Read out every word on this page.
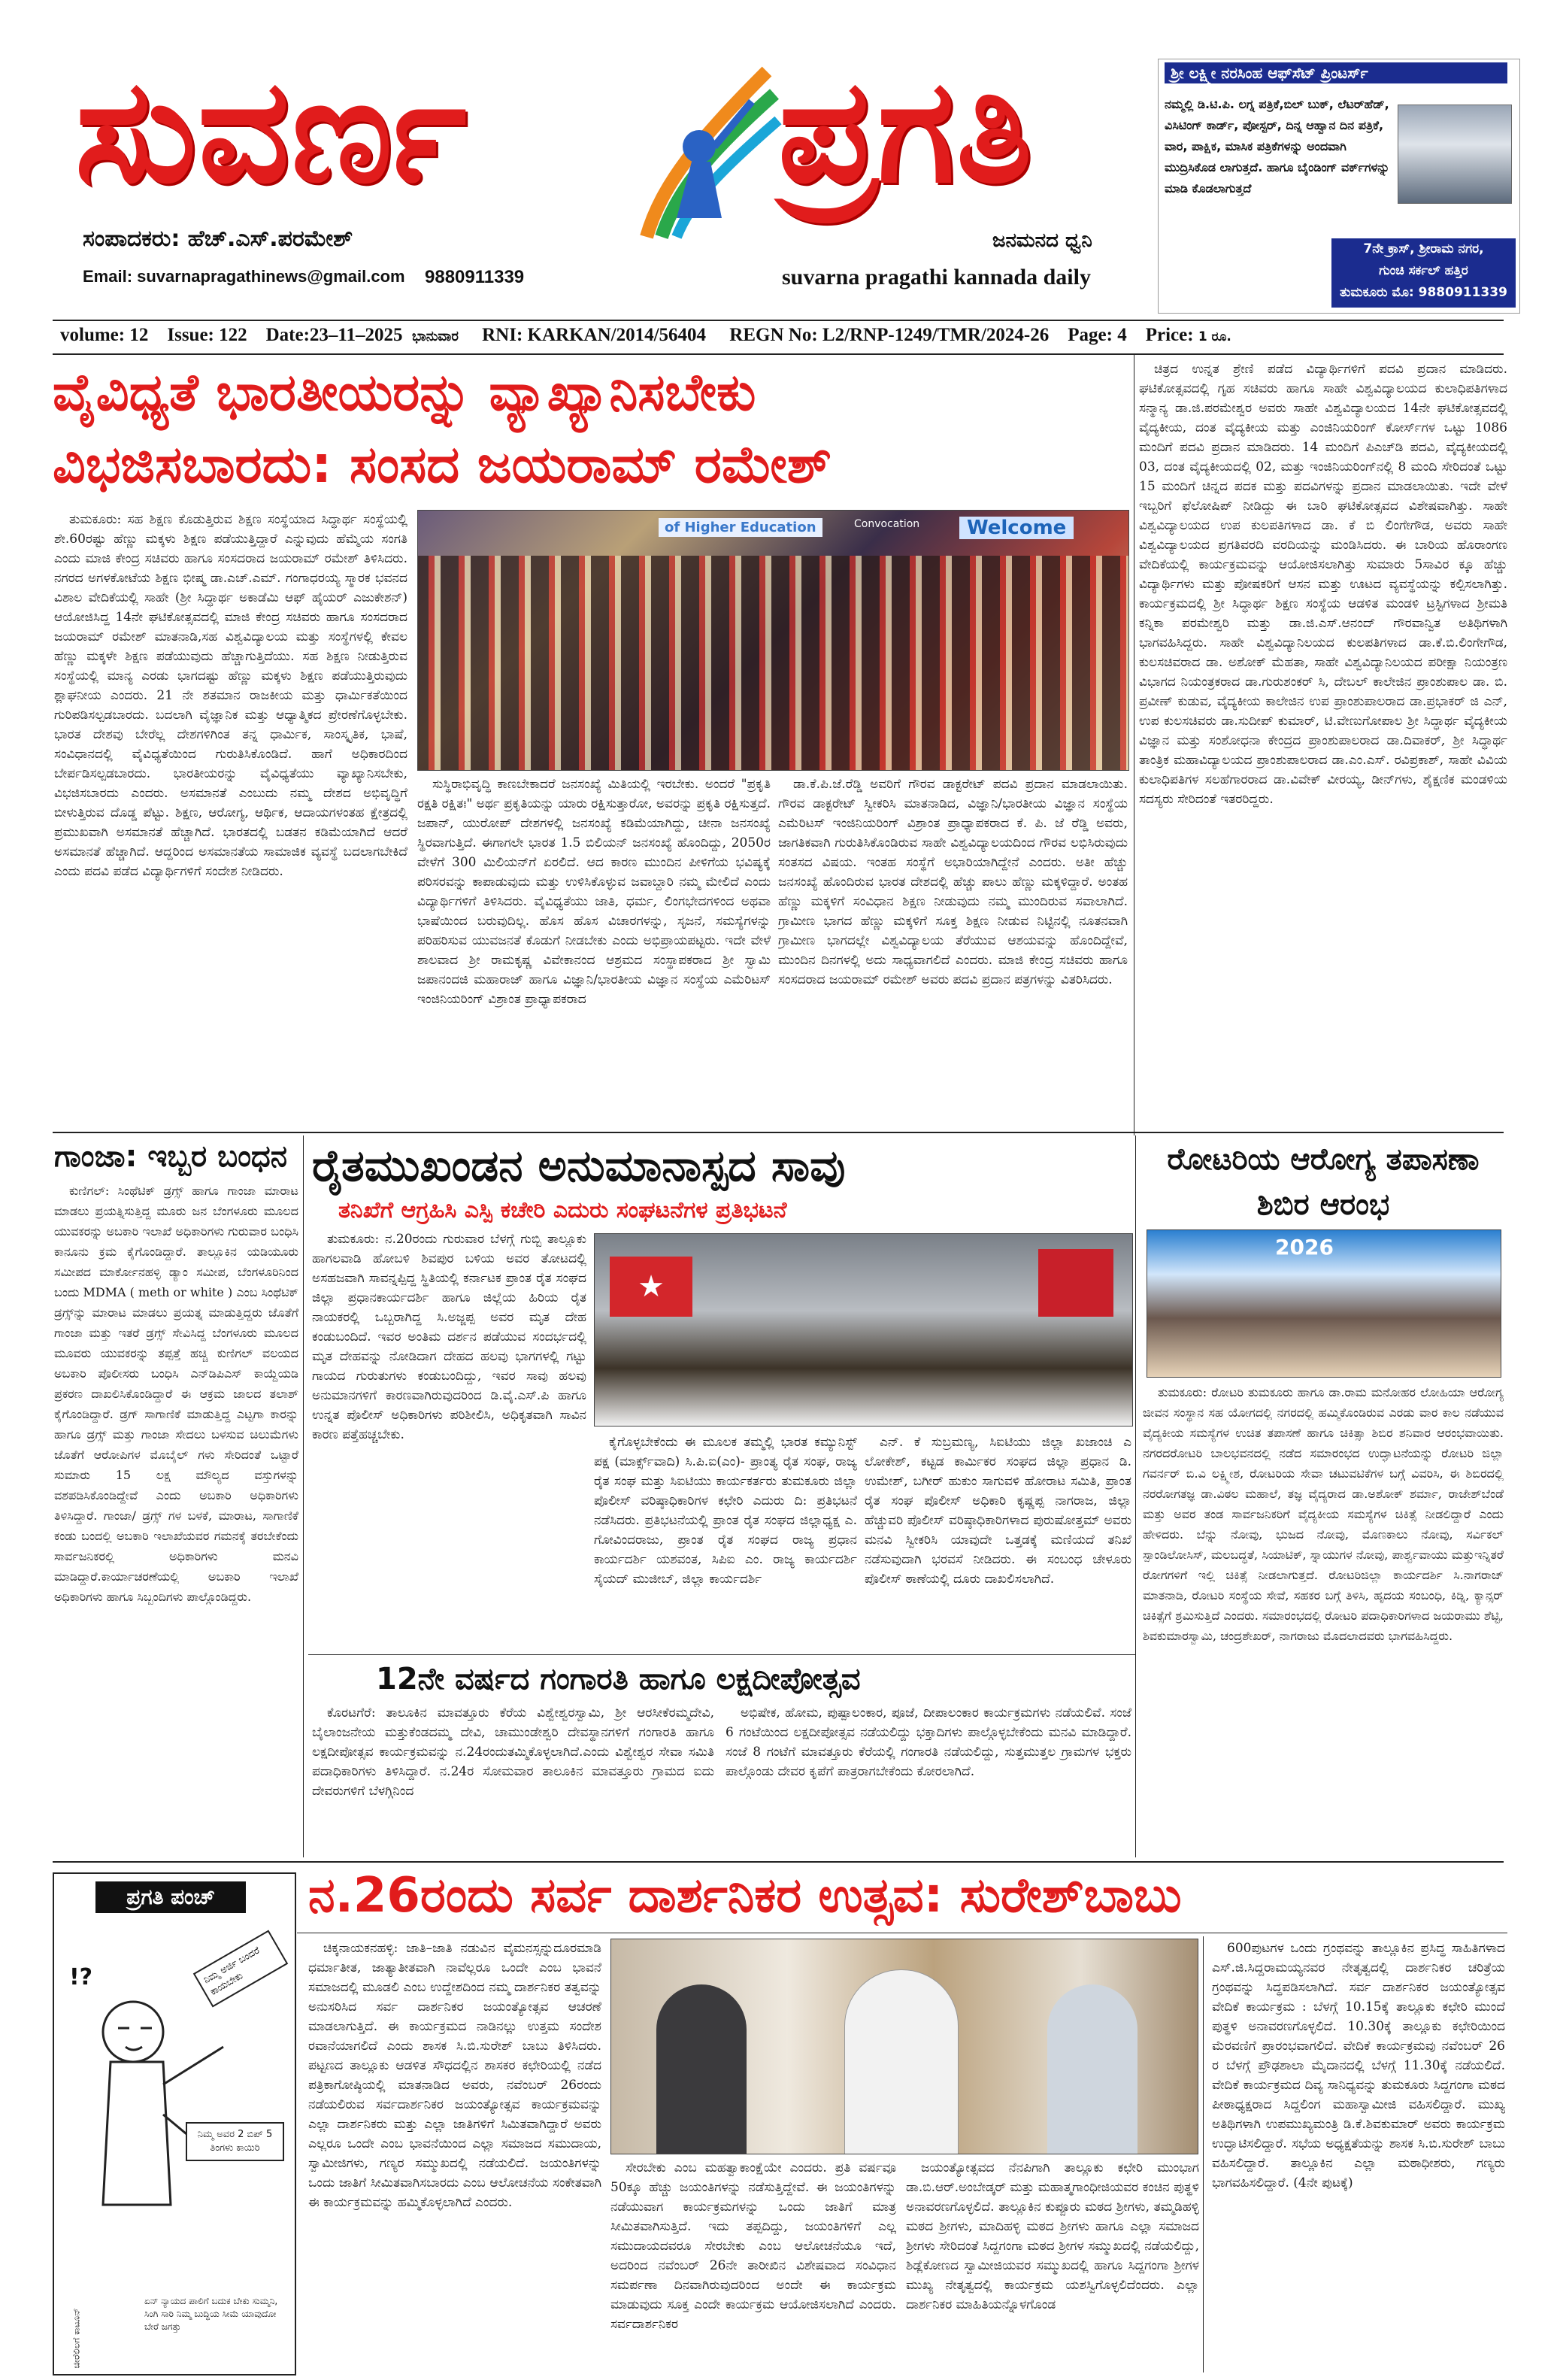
ಸುವರ್ಣ ಪ್ರಗತಿ
ಸಂಪಾದಕರು: ಹೆಚ್.ಎಸ್.ಪರಮೇಶ್
Email: suvarnapragathinews@gmail.com 9880911339
ಜನಮನದ ಧ್ವನಿ
suvarna pragathi kannada daily
ಶ್ರೀ ಲಕ್ಷ್ಮೀ ನರಸಿಂಹ ಆಫ್‌ಸೆಟ್ ಪ್ರಿಂಟರ್ಸ್
ನಮ್ಮಲ್ಲಿ ಡಿ.ಟಿ.ಪಿ. ಲಗ್ನ ಪತ್ರಿಕೆ,ಬಿಲ್ ಬುಕ್, ಲೆಟರ್‌ಹೆಡ್, ವಿಸಿಟಿಂಗ್ ಕಾರ್ಡ್, ಪೋಸ್ಟರ್, ದಿನ್ನ ಆಹ್ವಾನ ದಿನ ಪತ್ರಿಕೆ, ವಾರ, ಪಾಕ್ಷಿಕ, ಮಾಸಿಕ ಪತ್ರಿಕೆಗಳನ್ನು ಅಂದವಾಗಿ ಮುದ್ರಿಸಿಕೊಡ ಲಾಗುತ್ತದೆ. ಹಾಗೂ ಬೈಂಡಿಂಗ್ ವರ್ಕ್‌ಗಳನ್ನು ಮಾಡಿ ಕೊಡಲಾಗುತ್ತದೆ
7ನೇ ಕ್ರಾಸ್, ಶ್ರೀರಾಮ ನಗರ,
ಗುಂಚಿ ಸರ್ಕಲ್ ಹತ್ತಿರ
ತುಮಕೂರು ಮೊ: 9880911339
volume: 12 Issue: 122 Date:23–11–2025 ಭಾನುವಾರ RNI: KARKAN/2014/56404 REGN No: L2/RNP-1249/TMR/2024-26 Page: 4 Price: 1 ರೂ.
ವೈವಿಧ್ಯತೆ ಭಾರತೀಯರನ್ನು ವ್ಯಾಖ್ಯಾನಿಸಬೇಕು
ವಿಭಜಿಸಬಾರದು: ಸಂಸದ ಜಯರಾಮ್ ರಮೇಶ್

ತುಮಕೂರು: ಸಹ ಶಿಕ್ಷಣ ಕೊಡುತ್ತಿರುವ ಶಿಕ್ಷಣ ಸಂಸ್ಥೆಯಾದ ಸಿದ್ಧಾರ್ಥ ಸಂಸ್ಥೆಯಲ್ಲಿ ಶೇ.60ರಷ್ಟು ಹೆಣ್ಣು ಮಕ್ಕಳು ಶಿಕ್ಷಣ ಪಡೆಯುತ್ತಿದ್ದಾರೆ ಎನ್ನುವುದು ಹೆಮ್ಮೆಯ ಸಂಗತಿ ಎಂದು ಮಾಜಿ ಕೇಂದ್ರ ಸಚಿವರು ಹಾಗೂ ಸಂಸದರಾದ ಜಯರಾಮ್ ರಮೇಶ್ ತಿಳಿಸಿದರು. ನಗರದ ಅಗಳಕೋಟೆಯ ಶಿಕ್ಷಣ ಭೀಷ್ಮ ಡಾ.ಎಚ್.ಎಮ್. ಗಂಗಾಧರಯ್ಯ ಸ್ಮಾರಕ ಭವನದ ವಿಶಾಲ ವೇದಿಕೆಯಲ್ಲಿ ಸಾಹೇ (ಶ್ರೀ ಸಿದ್ಧಾರ್ಥ ಅಕಾಡೆಮಿ ಆಫ್ ಹೈಯರ್ ಎಜುಕೇಶನ್) ಆಯೋಜಿಸಿದ್ದ 14ನೇ ಘಟಿಕೋತ್ಸವದಲ್ಲಿ ಮಾಜಿ ಕೇಂದ್ರ ಸಚಿವರು ಹಾಗೂ ಸಂಸದರಾದ ಜಯರಾಮ್ ರಮೇಶ್ ಮಾತನಾಡಿ,ಸಹ ವಿಶ್ವವಿದ್ಯಾಲಯ ಮತ್ತು ಸಂಸ್ಥೆಗಳಲ್ಲಿ ಕೇವಲ ಹೆಣ್ಣು ಮಕ್ಕಳೇ ಶಿಕ್ಷಣ ಪಡೆಯುವುದು ಹೆಚ್ಚಾಗುತ್ತಿದೆಯು. ಸಹ ಶಿಕ್ಷಣ ನೀಡುತ್ತಿರುವ ಸಂಸ್ಥೆಯಲ್ಲಿ ಮಾನ್ಯ ಎರಡು ಭಾಗದಷ್ಟು ಹೆಣ್ಣು ಮಕ್ಕಳು ಶಿಕ್ಷಣ ಪಡೆಯುತ್ತಿರುವುದು ಶ್ಲಾಘನೀಯ ಎಂದರು. 21 ನೇ ಶತಮಾನ ರಾಜಕೀಯ ಮತ್ತು ಧಾರ್ಮಿಕತೆಯಿಂದ ಗುರಿಪಡಿಸಲ್ಪಡಬಾರದು. ಬದಲಾಗಿ ವೈಜ್ಞಾನಿಕ ಮತ್ತು ಆಧ್ಯಾತ್ಮಿಕದ ಪ್ರೇರಣೆಗೊಳ್ಳಬೇಕು. ಭಾರತ ದೇಶವು ಬೇರೆಲ್ಲ ದೇಶಗಳಿಗಿಂತ ತನ್ನ ಧಾರ್ಮಿಕ, ಸಾಂಸ್ಕೃತಿಕ, ಭಾಷೆ, ಸಂವಿಧಾನದಲ್ಲಿ ವೈವಿಧ್ಯತೆಯಿಂದ ಗುರುತಿಸಿಕೊಂಡಿದೆ. ಹಾಗೆ ಅಧಿಕಾರದಿಂದ ಬೇರ್ಪಡಿಸಲ್ಪಡಬಾರದು. ಭಾರತೀಯರನ್ನು ವೈವಿಧ್ಯತೆಯು ವ್ಯಾಖ್ಯಾನಿಸಬೇಕು, ವಿಭಜಿಸಬಾರದು ಎಂದರು. ಅಸಮಾನತೆ ಎಂಬುದು ನಮ್ಮ ದೇಶದ ಅಭಿವೃದ್ಧಿಗೆ ಬೀಳುತ್ತಿರುವ ದೊಡ್ಡ ಪೆಟ್ಟು. ಶಿಕ್ಷಣ, ಆರೋಗ್ಯ, ಆರ್ಥಿಕ, ಆದಾಯಗಳಂತಹ ಕ್ಷೇತ್ರದಲ್ಲಿ ಪ್ರಮುಖವಾಗಿ ಅಸಮಾನತೆ ಹೆಚ್ಚಾಗಿದೆ. ಭಾರತದಲ್ಲಿ ಬಡತನ ಕಡಿಮೆಯಾಗಿದೆ ಆದರೆ ಅಸಮಾನತೆ ಹೆಚ್ಚಾಗಿದೆ. ಆದ್ದರಿಂದ ಅಸಮಾನತೆಯ ಸಾಮಾಜಿಕ ವ್ಯವಸ್ಥೆ ಬದಲಾಗಬೇಕಿದೆ ಎಂದು ಪದವಿ ಪಡೆದ ವಿದ್ಯಾರ್ಥಿಗಳಿಗೆ ಸಂದೇಶ ನೀಡಿದರು.

of Higher Education	Convocation	Welcome

ಸುಸ್ಥಿರಾಭಿವೃದ್ಧಿ ಕಾಣಬೇಕಾದರೆ ಜನಸಂಖ್ಯೆ ಮಿತಿಯಲ್ಲಿ ಇರಬೇಕು. ಅಂದರೆ "ಪ್ರಕೃತಿ ರಕ್ಷತಿ ರಕ್ಷಿತಃ" ಅರ್ಥ ಪ್ರಕೃತಿಯನ್ನು ಯಾರು ರಕ್ಷಿಸುತ್ತಾರೋ, ಅವರನ್ನು ಪ್ರಕೃತಿ ರಕ್ಷಿಸುತ್ತದೆ. ಜಪಾನ್, ಯುರೋಪ್ ದೇಶಗಳಲ್ಲಿ ಜನಸಂಖ್ಯೆ ಕಡಿಮೆಯಾಗಿದ್ದು, ಚೀನಾ ಜನಸಂಖ್ಯೆ ಸ್ಥಿರವಾಗುತ್ತಿದೆ. ಈಗಾಗಲೇ ಭಾರತ 1.5 ಬಿಲಿಯನ್ ಜನಸಂಖ್ಯೆ ಹೊಂದಿದ್ದು, 2050ರ ವೇಳೆಗೆ 300 ಮಿಲಿಯನ್‌ಗೆ ಏರಲಿದೆ. ಆದ ಕಾರಣ ಮುಂದಿನ ಪೀಳಿಗೆಯ ಭವಿಷ್ಯಕ್ಕೆ ಪರಿಸರವನ್ನು ಕಾಪಾಡುವುದು ಮತ್ತು ಉಳಿಸಿಕೊಳ್ಳುವ ಜವಾಬ್ದಾರಿ ನಮ್ಮ ಮೇಲಿದೆ ಎಂದು ವಿದ್ಯಾರ್ಥಿಗಳಿಗೆ ತಿಳಿಸಿದರು. ವೈವಿಧ್ಯತೆಯು ಜಾತಿ, ಧರ್ಮ, ಲಿಂಗಭೇದಗಳಿಂದ ಅಥವಾ ಭಾಷೆಯಿಂದ ಬರುವುದಿಲ್ಲ. ಹೊಸ ಹೊಸ ವಿಚಾರಗಳನ್ನು, ಸೃಜನೆ, ಸಮಸ್ಯೆಗಳನ್ನು ಪರಿಹರಿಸುವ ಯುವಜನತೆ ಕೊಡುಗೆ ನೀಡಬೇಕು ಎಂದು ಅಭಿಪ್ರಾಯಪಟ್ಟರು. ಇದೇ ವೇಳೆ ಶಾಲವಾದ ಶ್ರೀ ರಾಮಕೃಷ್ಣ ವಿವೇಕಾನಂದ ಆಶ್ರಮದ ಸಂಸ್ಥಾಪಕರಾದ ಶ್ರೀ ಸ್ವಾಮಿ ಜಪಾನಂದಜಿ ಮಹಾರಾಜ್ ಹಾಗೂ ವಿಜ್ಞಾನಿ/ಭಾರತೀಯ ವಿಜ್ಞಾನ ಸಂಸ್ಥೆಯ ಎಮೆರಿಟಸ್ ಇಂಜಿನಿಯರಿಂಗ್ ವಿಶ್ರಾಂತ ಪ್ರಾಧ್ಯಾಪಕರಾದ

ಡಾ.ಕೆ.ಪಿ.ಜೆ.ರೆಡ್ಡಿ ಅವರಿಗೆ ಗೌರವ ಡಾಕ್ಟರೇಟ್ ಪದವಿ ಪ್ರದಾನ ಮಾಡಲಾಯಿತು. ಗೌರವ ಡಾಕ್ಟರೇಟ್ ಸ್ವೀಕರಿಸಿ ಮಾತನಾಡಿದ, ವಿಜ್ಞಾನಿ/ಭಾರತೀಯ ವಿಜ್ಞಾನ ಸಂಸ್ಥೆಯ ಎಮೆರಿಟಸ್ ಇಂಜಿನಿಯರಿಂಗ್ ವಿಶ್ರಾಂತ ಪ್ರಾಧ್ಯಾಪಕರಾದ ಕೆ. ಪಿ. ಜೆ ರೆಡ್ಡಿ ಅವರು, ಜಾಗತಿಕವಾಗಿ ಗುರುತಿಸಿಕೊಂಡಿರುವ ಸಾಹೇ ವಿಶ್ವವಿದ್ಯಾಲಯದಿಂದ ಗೌರವ ಲಭಿಸಿರುವುದು ಸಂತಸದ ವಿಷಯ. ಇಂತಹ ಸಂಸ್ಥೆಗೆ ಅಭಾರಿಯಾಗಿದ್ದೇನೆ ಎಂದರು. ಅತೀ ಹೆಚ್ಚು ಜನಸಂಖ್ಯೆ ಹೊಂದಿರುವ ಭಾರತ ದೇಶದಲ್ಲಿ ಹೆಚ್ಚು ಪಾಲು ಹೆಣ್ಣು ಮಕ್ಕಳಿದ್ದಾರೆ. ಅಂತಹ ಹೆಣ್ಣು ಮಕ್ಕಳಿಗೆ ಸಂವಿಧಾನ ಶಿಕ್ಷಣ ನೀಡುವುದು ನಮ್ಮ ಮುಂದಿರುವ ಸವಾಲಾಗಿದೆ. ಗ್ರಾಮೀಣ ಭಾಗದ ಹೆಣ್ಣು ಮಕ್ಕಳಿಗೆ ಸೂಕ್ತ ಶಿಕ್ಷಣ ನೀಡುವ ನಿಟ್ಟಿನಲ್ಲಿ ನೂತನವಾಗಿ ಗ್ರಾಮೀಣ ಭಾಗದಲ್ಲೇ ವಿಶ್ವವಿದ್ಯಾಲಯ ತೆರೆಯುವ ಆಶಯವನ್ನು ಹೊಂದಿದ್ದೇವೆ, ಮುಂದಿನ ದಿನಗಳಲ್ಲಿ ಅದು ಸಾಧ್ಯವಾಗಲಿದೆ ಎಂದರು. ಮಾಜಿ ಕೇಂದ್ರ ಸಚಿವರು ಹಾಗೂ ಸಂಸದರಾದ ಜಯರಾಮ್ ರಮೇಶ್ ಅವರು ಪದವಿ ಪ್ರದಾನ ಪತ್ರಗಳನ್ನು ವಿತರಿಸಿದರು.

ಚಿತ್ರದ ಉನ್ನತ ಶ್ರೇಣಿ ಪಡೆದ ವಿದ್ಯಾರ್ಥಿಗಳಿಗೆ ಪದವಿ ಪ್ರದಾನ ಮಾಡಿದರು. ಘಟಿಕೋತ್ಸವದಲ್ಲಿ ಗೃಹ ಸಚಿವರು ಹಾಗೂ ಸಾಹೇ ವಿಶ್ವವಿದ್ಯಾಲಯದ ಕುಲಾಧಿಪತಿಗಳಾದ ಸನ್ಮಾನ್ಯ ಡಾ.ಜಿ.ಪರಮೇಶ್ವರ ಅವರು ಸಾಹೇ ವಿಶ್ವವಿದ್ಯಾಲಯದ 14ನೇ ಘಟಿಕೋತ್ಸವದಲ್ಲಿ ವೈದ್ಯಕೀಯ, ದಂತ ವೈದ್ಯಕೀಯ ಮತ್ತು ಎಂಜಿನಿಯರಿಂಗ್ ಕೋರ್ಸ್‌ಗಳ ಒಟ್ಟು 1086 ಮಂದಿಗೆ ಪದವಿ ಪ್ರದಾನ ಮಾಡಿದರು. 14 ಮಂದಿಗೆ ಪಿಎಚ್‌ಡಿ ಪದವಿ, ವೈದ್ಯಕೀಯದಲ್ಲಿ 03, ದಂತ ವೈದ್ಯಕೀಯದಲ್ಲಿ 02, ಮತ್ತು ಇಂಜಿನಿಯರಿಂಗ್‌ನಲ್ಲಿ 8 ಮಂದಿ ಸೇರಿದಂತೆ ಒಟ್ಟು 15 ಮಂದಿಗೆ ಚಿನ್ನದ ಪದಕ ಮತ್ತು ಪದವಿಗಳನ್ನು ಪ್ರದಾನ ಮಾಡಲಾಯಿತು. ಇದೇ ವೇಳೆ ಇಬ್ಬರಿಗೆ ಫೆಲೋಷಿಪ್ ನೀಡಿದ್ದು ಈ ಬಾರಿ ಘಟಿಕೋತ್ಸವದ ವಿಶೇಷವಾಗಿತ್ತು. ಸಾಹೇ ವಿಶ್ವವಿದ್ಯಾಲಯದ ಉಪ ಕುಲಪತಿಗಳಾದ ಡಾ. ಕೆ ಬಿ ಲಿಂಗೇಗೌಡ, ಅವರು ಸಾಹೇ ವಿಶ್ವವಿದ್ಯಾಲಯದ ಪ್ರಗತಿವರದಿ ವರದಿಯನ್ನು ಮಂಡಿಸಿದರು. ಈ ಬಾರಿಯ ಹೊರಾಂಗಣ ವೇದಿಕೆಯಲ್ಲಿ ಕಾರ್ಯಕ್ರಮವನ್ನು ಆಯೋಜಿಸಲಾಗಿತ್ತು ಸುಮಾರು 5ಸಾವಿರ ಕ್ಕೂ ಹೆಚ್ಚು ವಿದ್ಯಾರ್ಥಿಗಳು ಮತ್ತು ಪೋಷಕರಿಗೆ ಆಸನ ಮತ್ತು ಊಟದ ವ್ಯವಸ್ಥೆಯನ್ನು ಕಲ್ಪಿಸಲಾಗಿತ್ತು. ಕಾರ್ಯಕ್ರಮದಲ್ಲಿ ಶ್ರೀ ಸಿದ್ಧಾರ್ಥ ಶಿಕ್ಷಣ ಸಂಸ್ಥೆಯ ಆಡಳಿತ ಮಂಡಳಿ ಟ್ರಸ್ಟಿಗಳಾದ ಶ್ರೀಮತಿ ಕನ್ನಿಕಾ ಪರಮೇಶ್ವರಿ ಮತ್ತು ಡಾ.ಜಿ.ಎಸ್.ಆನಂದ್ ಗೌರವಾನ್ವಿತ ಅತಿಥಿಗಳಾಗಿ ಭಾಗವಹಿಸಿದ್ದರು. ಸಾಹೇ ವಿಶ್ವವಿದ್ಯಾನಿಲಯದ ಕುಲಪತಿಗಳಾದ ಡಾ.ಕೆ.ಬಿ.ಲಿಂಗೇಗೌಡ, ಕುಲಸಚಿವರಾದ ಡಾ. ಅಶೋಕ್ ಮೆಹತಾ, ಸಾಹೇ ವಿಶ್ವವಿದ್ಯಾನಿಲಯದ ಪರೀಕ್ಷಾ ನಿಯಂತ್ರಣ ವಿಭಾಗದ ನಿಯಂತ್ರಕರಾದ ಡಾ.ಗುರುಶಂಕರ್ ಸಿ, ದೇಬಲ್ ಕಾಲೇಜಿನ ಪ್ರಾಂಶುಪಾಲ ಡಾ. ಬಿ. ಪ್ರವೀಣ್ ಕುಡುವ, ವೈದ್ಯಕೀಯ ಕಾಲೇಜಿನ ಉಪ ಪ್ರಾಂಶುಪಾಲರಾದ ಡಾ.ಪ್ರಭಾಕರ್ ಜಿ ಎನ್, ಉಪ ಕುಲಸಚಿವರು ಡಾ.ಸುದೀಪ್ ಕುಮಾರ್, ಟಿ.ವೇಣುಗೋಪಾಲ ಶ್ರೀ ಸಿದ್ಧಾರ್ಥ ವೈದ್ಯಕೀಯ ವಿಜ್ಞಾನ ಮತ್ತು ಸಂಶೋಧನಾ ಕೇಂದ್ರದ ಪ್ರಾಂಶುಪಾಲರಾದ ಡಾ.ದಿವಾಕರ್, ಶ್ರೀ ಸಿದ್ಧಾರ್ಥ ತಾಂತ್ರಿಕ ಮಹಾವಿದ್ಯಾಲಯದ ಪ್ರಾಂಶುಪಾಲರಾದ ಡಾ.ಎಂ.ಎಸ್. ರವಿಪ್ರಕಾಶ್, ಸಾಹೇ ವಿವಿಯ ಕುಲಾಧಿಪತಿಗಳ ಸಲಹೆಗಾರರಾದ ಡಾ.ವಿವೇಕ್ ವೀರಯ್ಯ, ಡೀನ್‌ಗಳು, ಶೈಕ್ಷಣಿಕ ಮಂಡಳಿಯ ಸದಸ್ಯರು ಸೇರಿದಂತೆ ಇತರರಿದ್ದರು.

ಗಾಂಜಾ: ಇಬ್ಬರ ಬಂಧನ

ಕುಣಿಗಲ್: ಸಿಂಥೆಟಿಕ್ ಡ್ರಗ್ಸ್ ಹಾಗೂ ಗಾಂಜಾ ಮಾರಾಟ ಮಾಡಲು ಪ್ರಯತ್ನಿಸುತ್ತಿದ್ದ ಮೂರು ಜನ ಬೆಂಗಳೂರು ಮೂಲದ ಯುವಕರನ್ನು ಅಬಕಾರಿ ಇಲಾಖೆ ಅಧಿಕಾರಿಗಳು ಗುರುವಾರ ಬಂಧಿಸಿ ಕಾನೂನು ಕ್ರಮ ಕೈಗೊಂಡಿದ್ದಾರೆ. ತಾಲ್ಲೂಕಿನ ಯಡಿಯೂರು ಸಮೀಪದ ಮಾರ್ಕೋನಹಳ್ಳಿ ಡ್ಯಾಂ ಸಮೀಪ, ಬೆಂಗಳೂರಿನಿಂದ ಬಂದು MDMA ( meth or white ) ಎಂಬ ಸಿಂಥೆಟಿಕ್ ಡ್ರಗ್ಸ್‌ನ್ನು ಮಾರಾಟ ಮಾಡಲು ಪ್ರಯತ್ನ ಮಾಡುತ್ತಿದ್ದರು ಜೊತೆಗೆ ಗಾಂಜಾ ಮತ್ತು ಇತರೆ ಡ್ರಗ್ಸ್ ಸೇವಿಸಿದ್ದ ಬೆಂಗಳೂರು ಮೂಲದ ಮೂವರು ಯುವಕರನ್ನು ತಪ್ಪತ್ತೆ ಹಚ್ಚಿ ಕುಣಿಗಲ್ ವಲಯದ ಅಬಕಾರಿ ಪೊಲೀಸರು ಬಂಧಿಸಿ ಎನ್‌ಡಿಪಿಎಸ್ ಕಾಯ್ದೆಯಡಿ ಪ್ರಕರಣ ದಾಖಲಿಸಿಕೊಂಡಿದ್ದಾರೆ ಈ ಆಕ್ರಮ ಜಾಲದ ತಲಾಶ್ ಕೈಗೊಂಡಿದ್ದಾರೆ. ಡ್ರಗ್ ಸಾಗಾಣಿಕೆ ಮಾಡುತ್ತಿದ್ದ ಎಟ್ಟಗಾ ಕಾರನ್ನು ಹಾಗೂ ಡ್ರಗ್ಸ್ ಮತ್ತು ಗಾಂಜಾ ಸೇದಲು ಬಳಸುವ ಚಿಲುಮೆಗಳು ಜೊತೆಗೆ ಆರೋಪಿಗಳ ಮೊಬೈಲ್ ಗಳು ಸೇರಿದಂತೆ ಒಟ್ಟಾರೆ ಸುಮಾರು 15 ಲಕ್ಷ ಮೌಲ್ಯದ ವಸ್ತುಗಳನ್ನು ವಶಪಡಿಸಿಕೊಂಡಿದ್ದೇವೆ ಎಂದು ಅಬಕಾರಿ ಅಧಿಕಾರಿಗಳು ತಿಳಿಸಿದ್ದಾರೆ. ಗಾಂಜಾ/ ಡ್ರಗ್ಸ್ ಗಳ ಬಳಕೆ, ಮಾರಾಟ, ಸಾಗಾಣಿಕೆ ಕಂಡು ಬಂದಲ್ಲಿ ಅಬಕಾರಿ ಇಲಾಖೆಯವರ ಗಮನಕ್ಕೆ ತರಬೇಕೆಂದು ಸಾರ್ವಜನಿಕರಲ್ಲಿ ಅಧಿಕಾರಿಗಳು ಮನವಿ ಮಾಡಿದ್ದಾರೆ.ಕಾರ್ಯಾಚರಣೆಯಲ್ಲಿ ಅಬಕಾರಿ ಇಲಾಖೆ ಅಧಿಕಾರಿಗಳು ಹಾಗೂ ಸಿಬ್ಬಂದಿಗಳು ಪಾಲ್ಗೊಂಡಿದ್ದರು.

ರೈತಮುಖಂಡನ ಅನುಮಾನಾಸ್ಪದ ಸಾವು
ತನಿಖೆಗೆ ಆಗ್ರಹಿಸಿ ಎಸ್ಪಿ ಕಚೇರಿ ಎದುರು ಸಂಘಟನೆಗಳ ಪ್ರತಿಭಟನೆ

ತುಮಕೂರು: ನ.20ರಂದು ಗುರುವಾರ ಬೆಳಗ್ಗೆ ಗುಬ್ಬಿ ತಾಲ್ಲೂಕು ಹಾಗಲವಾಡಿ ಹೋಬಳಿ ಶಿವಪುರ ಬಳಿಯ ಅವರ ತೋಟದಲ್ಲಿ ಅಸಹಜವಾಗಿ ಸಾವನ್ನಪ್ಪಿದ್ದ ಸ್ಥಿತಿಯಲ್ಲಿ ಕರ್ನಾಟಕ ಪ್ರಾಂತ ರೈತ ಸಂಘದ ಜಿಲ್ಲಾ ಪ್ರಧಾನಕಾರ್ಯದರ್ಶಿ ಹಾಗೂ ಜಿಲ್ಲೆಯ ಹಿರಿಯ ರೈತ ನಾಯಕರಲ್ಲಿ ಒಬ್ಬರಾಗಿದ್ದ ಸಿ.ಅಜ್ಜಪ್ಪ ಅವರ ಮೃತ ದೇಹ ಕಂಡುಬಂದಿದೆ. ಇವರ ಅಂತಿಮ ದರ್ಶನ ಪಡೆಯುವ ಸಂದರ್ಭದಲ್ಲಿ ಮೃತ ದೇಹವನ್ನು ನೋಡಿದಾಗ ದೇಹದ ಹಲವು ಭಾಗಗಳಲ್ಲಿ ಗಟ್ಟು ಗಾಯದ ಗುರುತುಗಳು ಕಂಡುಬಂದಿದ್ದು, ಇವರ ಸಾವು ಹಲವು ಅನುಮಾನಗಳಿಗೆ ಕಾರಣವಾಗಿರುವುದರಿಂದ ಡಿ.ವೈ.ಎಸ್.ಪಿ ಹಾಗೂ ಉನ್ನತ ಪೊಲೀಸ್ ಅಧಿಕಾರಿಗಳು ಪರಿಶೀಲಿಸಿ, ಅಧಿಕೃತವಾಗಿ ಸಾವಿನ ಕಾರಣ ಪತ್ತೆಹಚ್ಚಬೇಕು.

★

ಕೈಗೊಳ್ಳಬೇಕೆಂದು ಈ ಮೂಲಕ ತಮ್ಮಲ್ಲಿ ಭಾರತ ಕಮ್ಯುನಿಸ್ಟ್ ಪಕ್ಷ (ಮಾರ್ಕ್ಸ್‌ವಾದಿ) ಸಿ.ಪಿ.ಐ(ಎಂ)- ಪ್ರಾಂತ್ಯ ರೈತ ಸಂಘ, ರಾಜ್ಯ ರೈತ ಸಂಘ ಮತ್ತು ಸಿಐಟಿಯು ಕಾರ್ಯಕರ್ತರು ತುಮಕೂರು ಜಿಲ್ಲಾ ಪೊಲೀಸ್ ವರಿಷ್ಠಾಧಿಕಾರಿಗಳ ಕಛೇರಿ ಎದುರು ದಿ: ಪ್ರತಿಭಟನೆ ನಡೆಸಿದರು. ಪ್ರತಿಭಟನೆಯಲ್ಲಿ ಪ್ರಾಂತ ರೈತ ಸಂಘದ ಜಿಲ್ಲಾಧ್ಯಕ್ಷ ಎ. ಗೋವಿಂದರಾಜು, ಪ್ರಾಂತ ರೈತ ಸಂಘದ ರಾಜ್ಯ ಪ್ರಧಾನ ಕಾರ್ಯದರ್ಶಿ ಯಶವಂತ, ಸಿಪಿಐ ಎಂ. ರಾಜ್ಯ ಕಾರ್ಯದರ್ಶಿ ಸೈಯದ್ ಮುಜೀಬ್, ಜಿಲ್ಲಾ ಕಾರ್ಯದರ್ಶಿ

ಎನ್. ಕೆ ಸುಬ್ರಮಣ್ಯ, ಸಿಐಟಿಯು ಜಿಲ್ಲಾ ಖಜಾಂಚಿ ಎ ಲೋಕೇಶ್, ಕಟ್ಟಡ ಕಾರ್ಮಿಕರ ಸಂಘದ ಜಿಲ್ಲಾ ಪ್ರಧಾನ ಡಿ. ಉಮೇಶ್, ಬಗೀರ್ ಹುಕುಂ ಸಾಗುವಳಿ ಹೋರಾಟ ಸಮಿತಿ, ಪ್ರಾಂತ ರೈತ ಸಂಘ ಪೊಲೀಸ್ ಅಧಿಕಾರಿ ಕೃಷ್ಣಪ್ಪ ನಾಗರಾಜ, ಜಿಲ್ಲಾ ಹೆಚ್ಚುವರಿ ಪೊಲೀಸ್ ವರಿಷ್ಠಾಧಿಕಾರಿಗಳಾದ ಪುರುಷೋತ್ತಮ್ ಅವರು ಮನವಿ ಸ್ವೀಕರಿಸಿ ಯಾವುದೇ ಒತ್ತಡಕ್ಕೆ ಮಣಿಯದೆ ತನಿಖೆ ನಡೆಸುವುದಾಗಿ ಭರವಸೆ ನೀಡಿದರು. ಈ ಸಂಬಂಧ ಚೇಳೂರು ಪೊಲೀಸ್ ಠಾಣೆಯಲ್ಲಿ ದೂರು ದಾಖಲಿಸಲಾಗಿದೆ.

ರೋಟರಿಯ ಆರೋಗ್ಯ ತಪಾಸಣಾ ಶಿಬಿರ ಆರಂಭ
2026

ತುಮಕೂರು: ರೋಟರಿ ತುಮಕೂರು ಹಾಗೂ ಡಾ.ರಾಮ ಮನೋಹರ ಲೋಹಿಯಾ ಆರೋಗ್ಯ ಜೀವನ ಸಂಸ್ಥಾನ ಸಹ ಯೋಗದಲ್ಲಿ ನಗರದಲ್ಲಿ ಹಮ್ಮಿಕೊಂಡಿರುವ ಎರಡು ವಾರ ಕಾಲ ನಡೆಯುವ ವೈದ್ಯಕೀಯ ಸಮಸ್ಯೆಗಳ ಉಚಿತ ತಪಾಸಣೆ ಹಾಗೂ ಚಿಕಿತ್ಸಾ ಶಿಬಿರ ಶನಿವಾರ ಆರಂಭವಾಯಿತು. ನಗರದರೋಟರಿ ಬಾಲಭವನದಲ್ಲಿ ನಡೆದ ಸಮಾರಂಭದ ಉದ್ಘಾಟನೆಯನ್ನು ರೋಟರಿ ಜಿಲ್ಲಾ ಗವರ್ನರ್ ಬಿ.ವಿ ಲಕ್ಷ್ಮೀಶ, ರೋಟರಿಯ ಸೇವಾ ಚಟುವಟಿಕೆಗಳ ಬಗ್ಗೆ ವಿವರಿಸಿ, ಈ ಶಿಬಿರದಲ್ಲಿ ನರರೋಗತಜ್ಞ ಡಾ.ವಿಠಲ ಮಹಾಲೆ, ತಜ್ಞ ವೈದ್ಯರಾದ ಡಾ.ಅಶೋಕ್ ಶರ್ಮಾ, ರಾಜೇಶ್‌ಬೆಂಡೆ ಮತ್ತು ಅವರ ತಂಡ ಸಾರ್ವಜನಿಕರಿಗೆ ವೈದ್ಯಕೀಯ ಸಮಸ್ಯೆಗಳ ಚಿಕಿತ್ಸೆ ನೀಡಲಿದ್ದಾರೆ ಎಂದು ಹೇಳಿದರು. ಬೆನ್ನು ನೋವು, ಭುಜದ ನೋವು, ಮೊಣಕಾಲು ನೋವು, ಸರ್ವಿಕಲ್ ಸ್ಪಾಂಡಿಲೋಸಿಸ್, ಮಲಬದ್ಧತೆ, ಸಿಯಾಟಿಕ್, ಸ್ನಾಯುಗಳ ನೋವು, ಪಾರ್ಶ್ವವಾಯು ಮತ್ತುಇನ್ನಿತರೆ ರೋಗಗಳಿಗೆ ಇಲ್ಲಿ ಚಿಕಿತ್ಸೆ ನೀಡಲಾಗುತ್ತದೆ. ರೋಟರಿಜಿಲ್ಲಾ ಕಾರ್ಯದರ್ಶಿ ಸಿ.ನಾಗರಾಜ್ ಮಾತನಾಡಿ, ರೋಟರಿ ಸಂಸ್ಥೆಯ ಸೇವೆ, ಸಹಕರ ಬಗ್ಗೆ ತಿಳಿಸಿ, ಹೃದಯ ಸಂಬಂಧಿ, ಕಿಡ್ನಿ, ಕ್ಯಾನ್ಸರ್ ಚಿಕಿತ್ಸೆಗೆ ಶ್ರಮಿಸುತ್ತಿದೆ ಎಂದರು. ಸಮಾರಂಭದಲ್ಲಿ ರೋಟರಿ ಪದಾಧಿಕಾರಿಗಳಾದ ಜಯರಾಮು ಶೆಟ್ಟಿ, ಶಿವಕುಮಾರಸ್ವಾಮಿ, ಚಂದ್ರಶೇಖರ್, ನಾಗರಾಜು ಮೊದಲಾದವರು ಭಾಗವಹಿಸಿದ್ದರು.

12ನೇ ವರ್ಷದ ಗಂಗಾರತಿ ಹಾಗೂ ಲಕ್ಷದೀಪೋತ್ಸವ

ಕೊರಟಗೆರೆ: ತಾಲೂಕಿನ ಮಾವತ್ತೂರು ಕೆರೆಯ ವಿಶ್ವೇಶ್ವರಸ್ವಾಮಿ, ಶ್ರೀ ಆರಸೀಕೆರಮ್ಮದೇವಿ, ಬೈಲಾಂಜನೇಯ ಮತ್ತುಕೆಂಡದಮ್ಮ ದೇವಿ, ಚಾಮುಂಡೇಶ್ವರಿ ದೇವಸ್ಥಾನಗಳಿಗೆ ಗಂಗಾರತಿ ಹಾಗೂ ಲಕ್ಷದೀಪೋತ್ಸವ ಕಾರ್ಯಕ್ರಮವನ್ನು ನ.24ರಂದುತಮ್ಮಿಕೊಳ್ಳಲಾಗಿದೆ.ಎಂದು ವಿಶ್ವೇಶ್ವರ ಸೇವಾ ಸಮಿತಿ ಪದಾಧಿಕಾರಿಗಳು ತಿಳಿಸಿದ್ದಾರೆ. ನ.24ರ ಸೋಮವಾರ ತಾಲೂಕಿನ ಮಾವತ್ತೂರು ಗ್ರಾಮದ ಐದು ದೇವರುಗಳಿಗೆ ಬೆಳಗ್ಗಿನಿಂದ

ಅಭಿಷೇಕ, ಹೋಮ, ಪುಷ್ಪಾಲಂಕಾರ, ಪೂಜೆ, ದೀಪಾಲಂಕಾರ ಕಾರ್ಯಕ್ರಮಗಳು ನಡೆಯಲಿವೆ. ಸಂಜೆ 6 ಗಂಟೆಯಿಂದ ಲಕ್ಷದೀಪೋತ್ಸವ ನಡೆಯಲಿದ್ದು ಭಕ್ತಾದಿಗಳು ಪಾಲ್ಗೊಳ್ಳಬೇಕೆಂದು ಮನವಿ ಮಾಡಿದ್ದಾರೆ. ಸಂಜೆ 8 ಗಂಟೆಗೆ ಮಾವತ್ತೂರು ಕೆರೆಯಲ್ಲಿ ಗಂಗಾರತಿ ನಡೆಯಲಿದ್ದು, ಸುತ್ತಮುತ್ತಲ ಗ್ರಾಮಗಳ ಭಕ್ತರು ಪಾಲ್ಗೊಂಡು ದೇವರ ಕೃಪೆಗೆ ಪಾತ್ರರಾಗಬೇಕೆಂದು ಕೋರಲಾಗಿದೆ.

ನ.26ರಂದು ಸರ್ವ ದಾರ್ಶನಿಕರ ಉತ್ಸವ: ಸುರೇಶ್‌ಬಾಬು

ಚಿಕ್ಕನಾಯಕನಹಳ್ಳಿ: ಜಾತಿ–ಜಾತಿ ನಡುವಿನ ವೈಮನಸ್ಸನ್ನುದೂರಮಾಡಿ ಧರ್ಮಾತೀತ, ಜಾತ್ಯಾತೀತವಾಗಿ ನಾವೆಲ್ಲರೂ ಒಂದೇ ಎಂಬ ಭಾವನೆ ಸಮಾಜದಲ್ಲಿ ಮೂಡಲಿ ಎಂಬ ಉದ್ದೇಶದಿಂದ ನಮ್ಮ ದಾರ್ಶನಿಕರ ತತ್ವವನ್ನು ಅನುಸರಿಸಿದ ಸರ್ವ ದಾರ್ಶನಿಕರ ಜಯಂತ್ಯೋತ್ಸವ ಆಚರಣೆ ಮಾಡಲಾಗುತ್ತಿದೆ. ಈ ಕಾರ್ಯಕ್ರಮದ ನಾಡಿನಲ್ಲು ಉತ್ತಮ ಸಂದೇಶ ರವಾನೆಯಾಗಲಿದೆ ಎಂದು ಶಾಸಕ ಸಿ.ಬಿ.ಸುರೇಶ್ ಬಾಬು ತಿಳಿಸಿದರು. ಪಟ್ಟಣದ ತಾಲ್ಲೂಕು ಆಡಳಿತ ಸೌಧದಲ್ಲಿನ ಶಾಸಕರ ಕಛೇರಿಯಲ್ಲಿ ನಡೆದ ಪತ್ರಿಕಾಗೋಷ್ಠಿಯಲ್ಲಿ ಮಾತನಾಡಿದ ಅವರು, ನವೆಂಬರ್ 26ರಂದು ನಡೆಯಲಿರುವ ಸರ್ವದಾರ್ಶನಿಕರ ಜಯಂತ್ಯೋತ್ಸವ ಕಾರ್ಯಕ್ರಮವನ್ನು ಎಲ್ಲಾ ದಾರ್ಶನಿಕರು ಮತ್ತು ಎಲ್ಲಾ ಜಾತಿಗಳಿಗೆ ಸಿಮಿತವಾಗಿದ್ದಾರೆ ಅವರು ಎಲ್ಲರೂ ಒಂದೇ ಎಂಬ ಭಾವನೆಯಿಂದ ಎಲ್ಲಾ ಸಮಾಜದ ಸಮುದಾಯ, ಸ್ವಾಮೀಜಿಗಳು, ಗಣ್ಯರ ಸಮ್ಮುಖದಲ್ಲಿ ನಡೆಯಲಿದೆ. ಜಯಂತಿಗಳನ್ನು ಒಂದು ಜಾತಿಗೆ ಸೀಮಿತವಾಗಿಸಬಾರದು ಎಂಬ ಆಲೋಚನೆಯ ಸಂಕೇತವಾಗಿ ಈ ಕಾರ್ಯಕ್ರಮವನ್ನು ಹಮ್ಮಿಕೊಳ್ಳಲಾಗಿದೆ ಎಂದರು.

ಸೇರಬೇಕು ಎಂಬ ಮಹತ್ವಾಕಾಂಕ್ಷೆಯೇ ಎಂದರು. ಪ್ರತಿ ವರ್ಷವೂ 50ಕ್ಕೂ ಹೆಚ್ಚು ಜಯಂತಿಗಳನ್ನು ನಡೆಸುತ್ತಿದ್ದೇವೆ. ಈ ಜಯಂತಿಗಳನ್ನು ನಡೆಯುವಾಗ ಕಾರ್ಯಕ್ರಮಗಳನ್ನು ಒಂದು ಜಾತಿಗೆ ಮಾತ್ರ ಸೀಮಿತವಾಗಿಸುತ್ತಿದೆ. ಇದು ತಪ್ಪದಿದ್ದು, ಜಯಂತಿಗಳಿಗೆ ಎಲ್ಲ ಸಮುದಾಯದವರೂ ಸೇರಬೇಕು ಎಂಬ ಆಲೋಚನೆಯೂ ಇದೆ, ಅದರಿಂದ ನವೆಂಬರ್ 26ನೇ ತಾರೀಖಿನ ವಿಶೇಷವಾದ ಸಂವಿಧಾನ ಸಮರ್ಪಣಾ ದಿನವಾಗಿರುವುದರಿಂದ ಅಂದೇ ಈ ಕಾರ್ಯಕ್ರಮ ಮಾಡುವುದು ಸೂಕ್ತ ಎಂದೇ ಕಾರ್ಯಕ್ರಮ ಆಯೋಜಿಸಲಾಗಿದೆ ಎಂದರು. ಸರ್ವದಾರ್ಶನಿಕರ

ಜಯಂತ್ಯೋತ್ಸವದ ನೆನಪಿಗಾಗಿ ತಾಲ್ಲೂಕು ಕಛೇರಿ ಮುಂಭಾಗ ಡಾ.ಬಿ.ಆರ್.ಅಂಬೇಡ್ಕರ್ ಮತ್ತು ಮಹಾತ್ಮಗಾಂಧೀಜಿಯವರ ಕಂಚಿನ ಪುತ್ಥಳಿ ಅನಾವರಣಗೊಳ್ಳಲಿದೆ. ತಾಲ್ಲೂಕಿನ ಕುಪ್ಪೂರು ಮಠದ ಶ್ರೀಗಳು, ತಮ್ಮಡಿಹಳ್ಳಿ ಮಠದ ಶ್ರೀಗಳು, ಮಾದಿಹಳ್ಳಿ ಮಠದ ಶ್ರೀಗಳು ಹಾಗೂ ಎಲ್ಲಾ ಸಮಾಜದ ಶ್ರೀಗಳು ಸೇರಿದಂತೆ ಸಿದ್ದಗಂಗಾ ಮಠದ ಶ್ರೀಗಳ ಸಮ್ಮುಖದಲ್ಲಿ ನಡೆಯಲಿದ್ದು, ಶಿಡ್ಲೆಕೋಣದ ಸ್ವಾಮೀಜಿಯವರ ಸಮ್ಮುಖದಲ್ಲಿ ಹಾಗೂ ಸಿದ್ದಗಂಗಾ ಶ್ರೀಗಳ ಮುಖ್ಯ ನೇತೃತ್ವದಲ್ಲಿ ಕಾರ್ಯಕ್ರಮ ಯಶಸ್ವಿಗೊಳ್ಳಲಿದೆಂದರು. ಎಲ್ಲಾ ದಾರ್ಶನಿಕರ ಮಾಹಿತಿಯನ್ನೊಳಗೊಂಡ

600ಪುಟಗಳ ಒಂದು ಗ್ರಂಥವನ್ನು ತಾಲ್ಲೂಕಿನ ಪ್ರಸಿದ್ಧ ಸಾಹಿತಿಗಳಾದ ಎಸ್.ಜಿ.ಸಿದ್ದರಾಮಯ್ಯನವರ ನೇತೃತ್ವದಲ್ಲಿ ದಾರ್ಶನಿಕರ ಚರಿತ್ರೆಯ ಗ್ರಂಥವನ್ನು ಸಿದ್ಧಪಡಿಸಲಾಗಿದೆ. ಸರ್ವ ದಾರ್ಶನಿಕರ ಜಯಂತ್ಯೋತ್ಸವ ವೇದಿಕೆ ಕಾರ್ಯಕ್ರಮ : ಬೆಳಗ್ಗೆ 10.15ಕ್ಕೆ ತಾಲ್ಲೂಕು ಕಛೇರಿ ಮುಂದೆ ಪುತ್ಥಳಿ ಅನಾವರಣಗೊಳ್ಳಲಿದೆ. 10.30ಕ್ಕೆ ತಾಲ್ಲೂಕು ಕಛೇರಿಯಿಂದ ಮೆರವಣಿಗೆ ಪ್ರಾರಂಭವಾಗಲಿದೆ. ವೇದಿಕೆ ಕಾರ್ಯಕ್ರಮವು ನವೆಂಬರ್ 26 ರ ಬೆಳಗ್ಗೆ ಪ್ರೌಢಶಾಲಾ ಮೈದಾನದಲ್ಲಿ ಬೆಳಗ್ಗೆ 11.30ಕ್ಕೆ ನಡೆಯಲಿದೆ. ವೇದಿಕೆ ಕಾರ್ಯಕ್ರಮದ ದಿವ್ಯ ಸಾನಿಧ್ಯವನ್ನು ತುಮಕೂರು ಸಿದ್ದಗಂಗಾ ಮಠದ ಪೀಠಾಧ್ಯಕ್ಷರಾದ ಸಿದ್ದಲಿಂಗ ಮಹಾಸ್ವಾಮೀಜಿ ವಹಿಸಲಿದ್ದಾರೆ. ಮುಖ್ಯ ಅತಿಥಿಗಳಾಗಿ ಉಪಮುಖ್ಯಮಂತ್ರಿ ಡಿ.ಕೆ.ಶಿವಕುಮಾರ್ ಅವರು ಕಾರ್ಯಕ್ರಮ ಉದ್ಘಾಟಿಸಲಿದ್ದಾರೆ. ಸಭೆಯ ಅಧ್ಯಕ್ಷತೆಯನ್ನು ಶಾಸಕ ಸಿ.ಬಿ.ಸುರೇಶ್ ಬಾಬು ವಹಿಸಲಿದ್ದಾರೆ. ತಾಲ್ಲೂಕಿನ ಎಲ್ಲಾ ಮಠಾಧೀಶರು, ಗಣ್ಯರು ಭಾಗವಹಿಸಲಿದ್ದಾರೆ. (4ನೇ ಪುಟಕ್ಕೆ)

ಪ್ರಗತಿ ಪಂಚ್
!?	ನಿಮ್ಮ ಅರ್ಜಿ ಬಂದರೆ ಕಾಯಬೇಕು
ನಿಮ್ಮ ಅವರ 2 ಬಿಪ್ 5 ತಿಂಗಳು ಕಾಯಿರಿ
ಚೀರೆಲಿಲಗೆ ಕಾಟೂನ್
ಏನ್ ನ್ಯಾಯದ ಪಾಲಿಗೆ ಬದುಕ ಬೇಕು ಸುಮ್ಮನಿ, ಸಿಂಗಿ ಸಾರಿ ನಿಮ್ಮ ಬುದ್ಧಿಯ ಸೀಮೆ ಯಾವುದೋ ಬೇರೆ ಜಗತ್ತು
